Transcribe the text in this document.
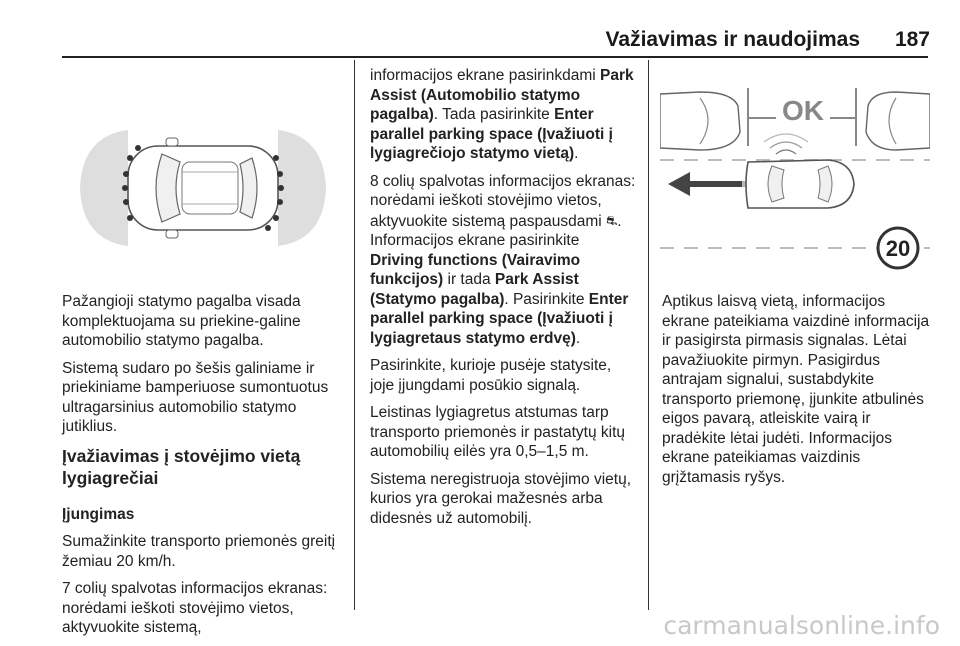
Važiavimas ir naudojimas	187

Pažangioji statymo pagalba visada komplektuojama su priekine-galine automobilio statymo pagalba.

Sistemą sudaro po šešis galiniame ir priekiniame bamperiuose sumontuotus ultragarsinius automobilio statymo jutiklius.

Įvažiavimas į stovėjimo vietą lygiagrečiai

Įjungimas

Sumažinkite transporto priemonės greitį žemiau 20 km/h.

7 colių spalvotas informacijos ekranas: norėdami ieškoti stovėjimo vietos, aktyvuokite sistemą,

informacijos ekrane pasirinkdami Park Assist (Automobilio statymo pagalba). Tada pasirinkite Enter parallel parking space (Įvažiuoti į lygiagrečiojo statymo vietą).

8 colių spalvotas informacijos ekranas: norėdami ieškoti stovėjimo vietos, aktyvuokite sistemą paspausdami ⛐. Informacijos ekrane pasirinkite Driving functions (Vairavimo funkcijos) ir tada Park Assist (Statymo pagalba). Pasirinkite Enter parallel parking space (Įvažiuoti į lygiagretaus statymo erdvę).

Pasirinkite, kurioje pusėje statysite, joje įjungdami posūkio signalą.

Leistinas lygiagretus atstumas tarp transporto priemonės ir pastatytų kitų automobilių eilės yra 0,5–1,5 m.

Sistema neregistruoja stovėjimo vietų, kurios yra gerokai mažesnės arba didesnės už automobilį.

OK
20

Aptikus laisvą vietą, informacijos ekrane pateikiama vaizdinė informacija ir pasigirsta pirmasis signalas. Lėtai pavažiuokite pirmyn. Pasigirdus antrajam signalui, sustabdykite transporto priemonę, įjunkite atbulinės eigos pavarą, atleiskite vairą ir pradėkite lėtai judėti. Informacijos ekrane pateikiamas vaizdinis grįžtamasis ryšys.

carmanualsonline.info
